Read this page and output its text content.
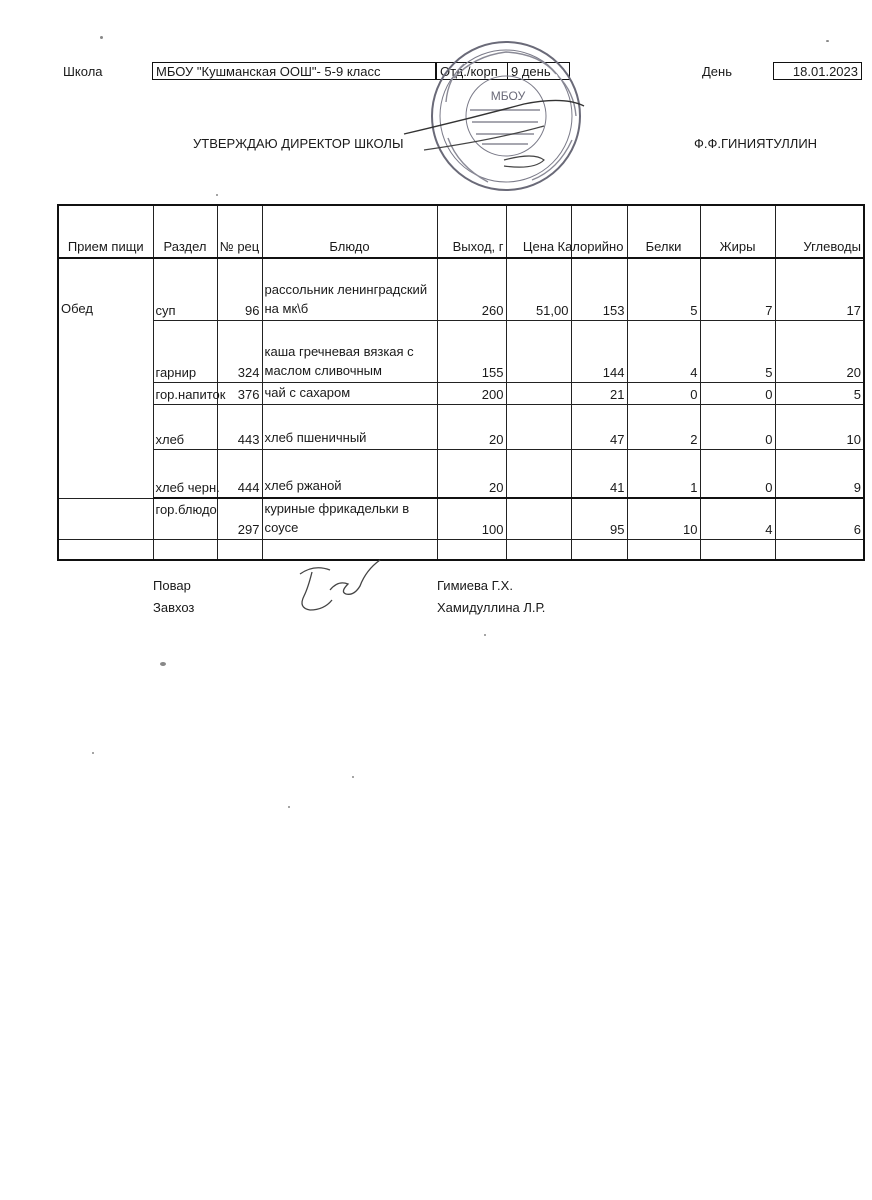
Школа	МБОУ "Кушманская ООШ"- 5-9 класс	Отд./корп	9 день	День	18.01.2023
УТВЕРЖДАЮ ДИРЕКТОР ШКОЛЫ	Ф.Ф.ГИНИЯТУЛЛИН
МБОУ
Прием пищи	Раздел	№ рец	Блюдо	Выход, г	Цена	Калорийно	Белки	Жиры	Углеводы
Обед	суп	96	рассольник ленинградский на мк\б	260	51,00	153	5	7	17
	гарнир	324	каша гречневая вязкая с маслом сливочным	155		144	4	5	20
	гор.напиток	376	чай с сахаром	200		21	0	0	5
	хлеб	443	хлеб пшеничный	20		47	2	0	10
	хлеб черн.	444	хлеб ржаной	20		41	1	0	9
	гор.блюдо	297	куриные фрикадельки в соусе	100		95	10	4	6

Повар	Гимиева Г.Х.
Завхоз	Хамидуллина Л.Р.
